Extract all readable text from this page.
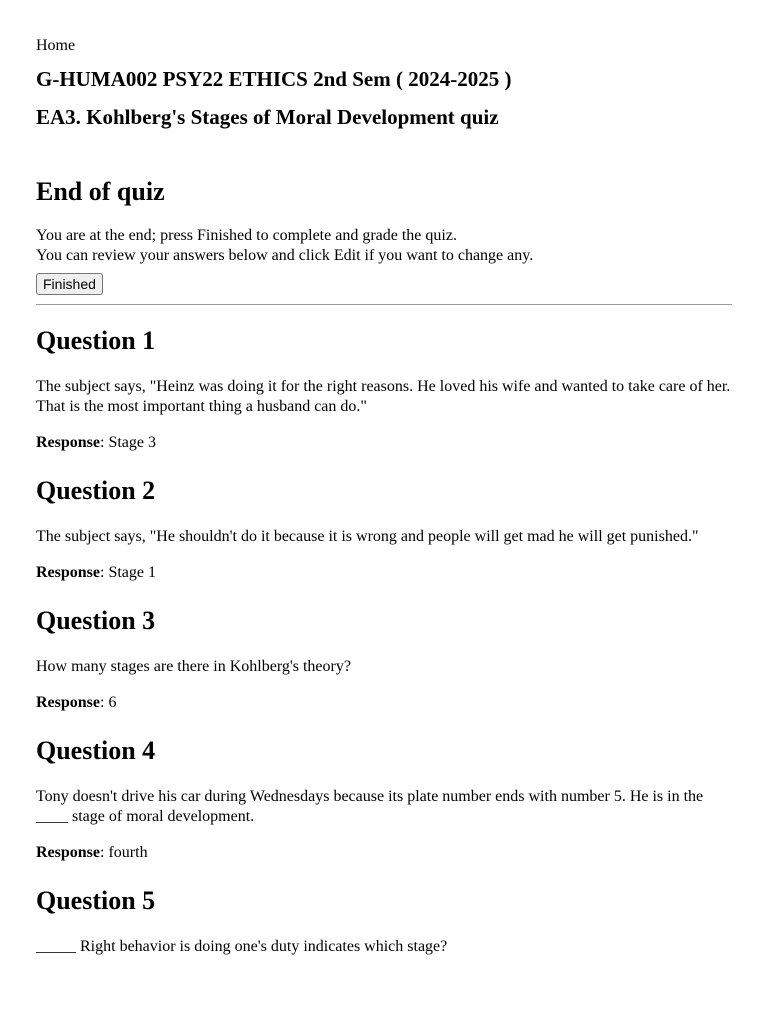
Home
G-HUMA002 PSY22 ETHICS 2nd Sem ( 2024-2025 )
EA3. Kohlberg's Stages of Moral Development quiz
End of quiz
You are at the end; press Finished to complete and grade the quiz.
You can review your answers below and click Edit if you want to change any.
Finished
Question 1
The subject says, "Heinz was doing it for the right reasons. He loved his wife and wanted to take care of her. That is the most important thing a husband can do."
Response: Stage 3
Question 2
The subject says, "He shouldn't do it because it is wrong and people will get mad he will get punished."
Response: Stage 1
Question 3
How many stages are there in Kohlberg's theory?
Response: 6
Question 4
Tony doesn't drive his car during Wednesdays because its plate number ends with number 5. He is in the ____ stage of moral development.
Response: fourth
Question 5
_____ Right behavior is doing one's duty indicates which stage?
